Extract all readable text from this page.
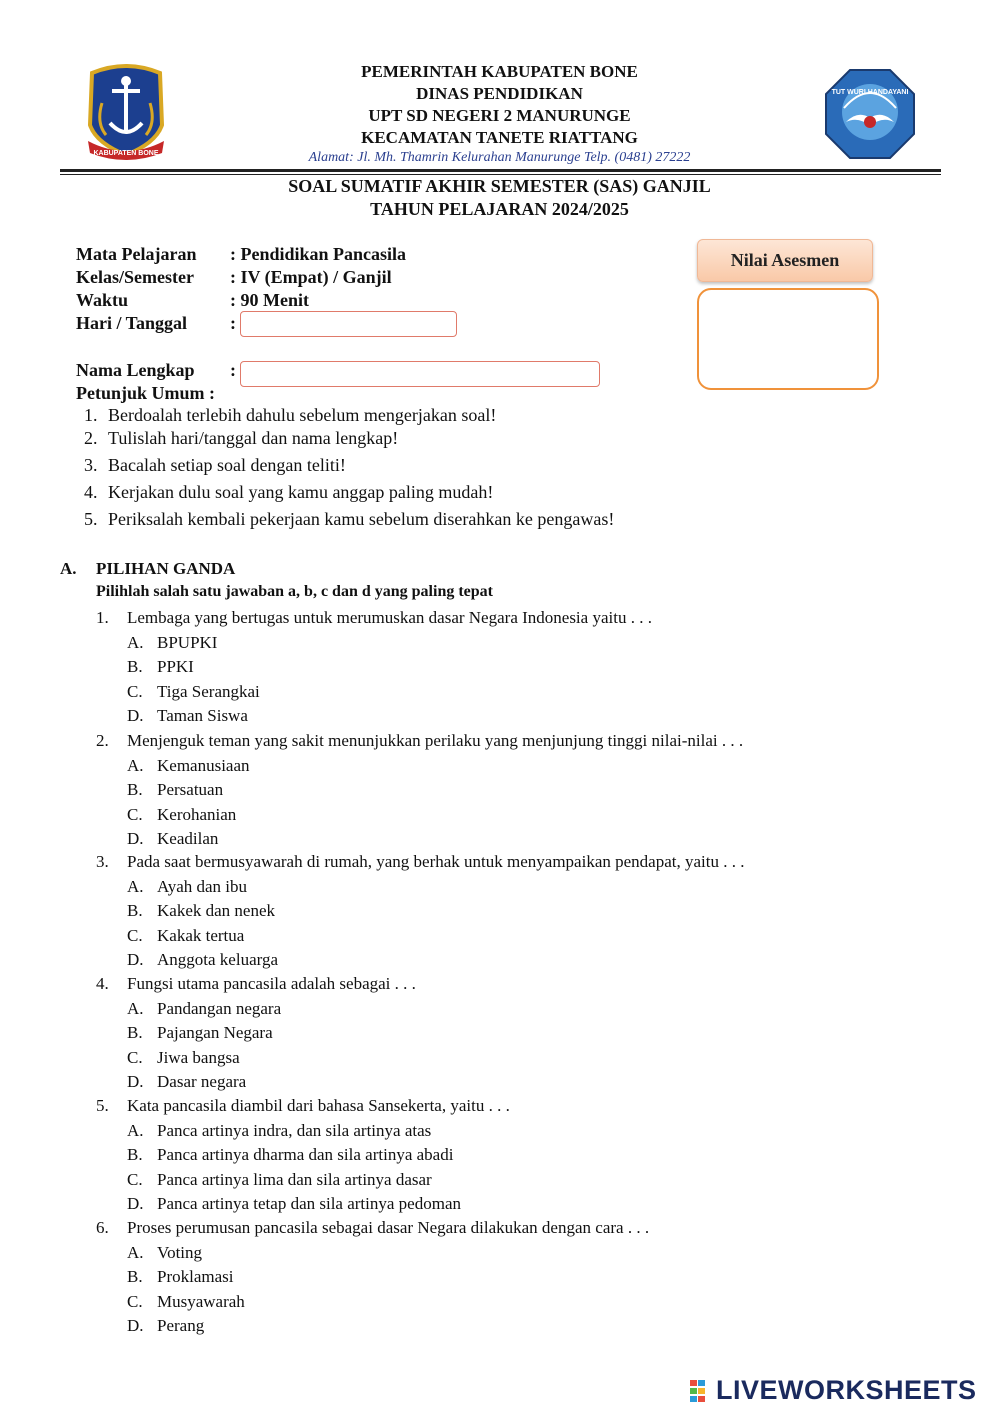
KABUPATEN BONE
TUT WURI HANDAYANI
PEMERINTAH KABUPATEN BONE
DINAS PENDIDIKAN
UPT SD NEGERI 2 MANURUNGE
KECAMATAN TANETE RIATTANG
Alamat: Jl. Mh. Thamrin Kelurahan Manurunge Telp. (0481) 27222
SOAL SUMATIF AKHIR SEMESTER (SAS) GANJIL
TAHUN PELAJARAN 2024/2025
Mata Pelajaran : Pendidikan Pancasila
Kelas/Semester : IV (Empat) / Ganjil
Waktu	: 90 Menit
Hari / Tanggal :
Nama Lengkap :
Nilai Asesmen
Petunjuk Umum :
1. Berdoalah terlebih dahulu sebelum mengerjakan soal!
2. Tulislah hari/tanggal dan nama lengkap!
3. Bacalah setiap soal dengan teliti!
4. Kerjakan dulu soal yang kamu anggap paling mudah!
5. Periksalah kembali pekerjaan kamu sebelum diserahkan ke pengawas!
A. PILIHAN GANDA
Pilihlah salah satu jawaban a, b, c dan d yang paling tepat
1. Lembaga yang bertugas untuk merumuskan dasar Negara Indonesia yaitu . . .
A. BPUPKI
B. PPKI
C. Tiga Serangkai
D. Taman Siswa
2. Menjenguk teman yang sakit menunjukkan perilaku yang menjunjung tinggi nilai-nilai . . .
A. Kemanusiaan
B. Persatuan
C. Kerohanian
D. Keadilan
3. Pada saat bermusyawarah di rumah, yang berhak untuk menyampaikan pendapat, yaitu . . .
A. Ayah dan ibu
B. Kakek dan nenek
C. Kakak tertua
D. Anggota keluarga
4. Fungsi utama pancasila adalah sebagai . . .
A. Pandangan negara
B. Pajangan Negara
C. Jiwa bangsa
D. Dasar negara
5. Kata pancasila diambil dari bahasa Sansekerta, yaitu . . .
A. Panca artinya indra, dan sila artinya atas
B. Panca artinya dharma dan sila artinya abadi
C. Panca artinya lima dan sila artinya dasar
D. Panca artinya tetap dan sila artinya pedoman
6. Proses perumusan pancasila sebagai dasar Negara dilakukan dengan cara . . .
A. Voting
B. Proklamasi
C. Musyawarah
D. Perang
LIVEWORKSHEETS
